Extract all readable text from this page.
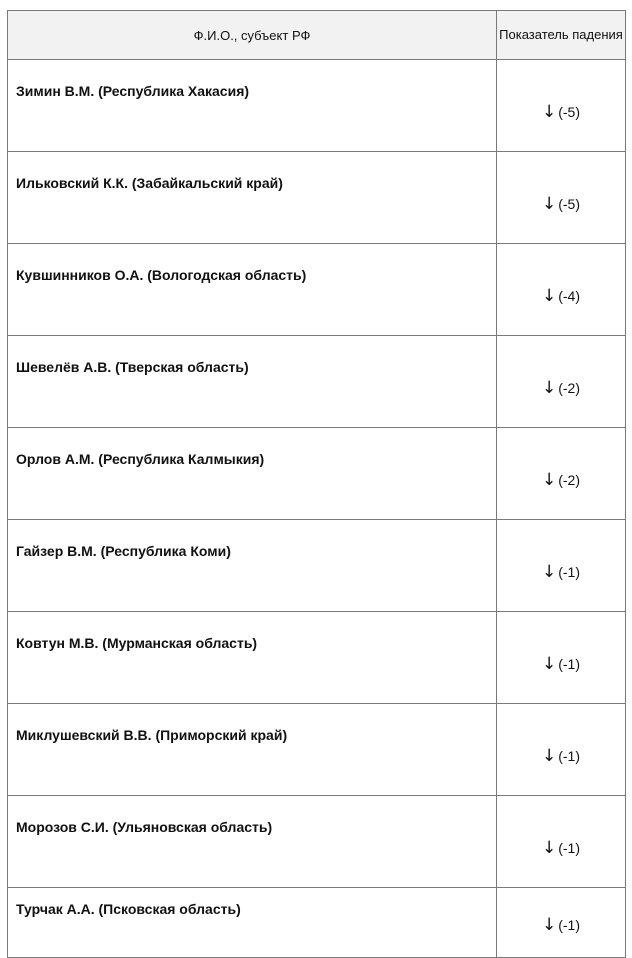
Ф.И.О., субъект РФ	Показатель падения
Зимин В.М. (Республика Хакасия)	↓ (-5)
Ильковский К.К. (Забайкальский край)	↓ (-5)
Кувшинников О.А. (Вологодская область)	↓ (-4)
Шевелёв А.В. (Тверская область)	↓ (-2)
Орлов А.М. (Республика Калмыкия)	↓ (-2)
Гайзер В.М. (Республика Коми)	↓ (-1)
Ковтун М.В. (Мурманская область)	↓ (-1)
Миклушевский В.В. (Приморский край)	↓ (-1)
Морозов С.И. (Ульяновская область)	↓ (-1)
Турчак А.А. (Псковская область)	↓ (-1)
